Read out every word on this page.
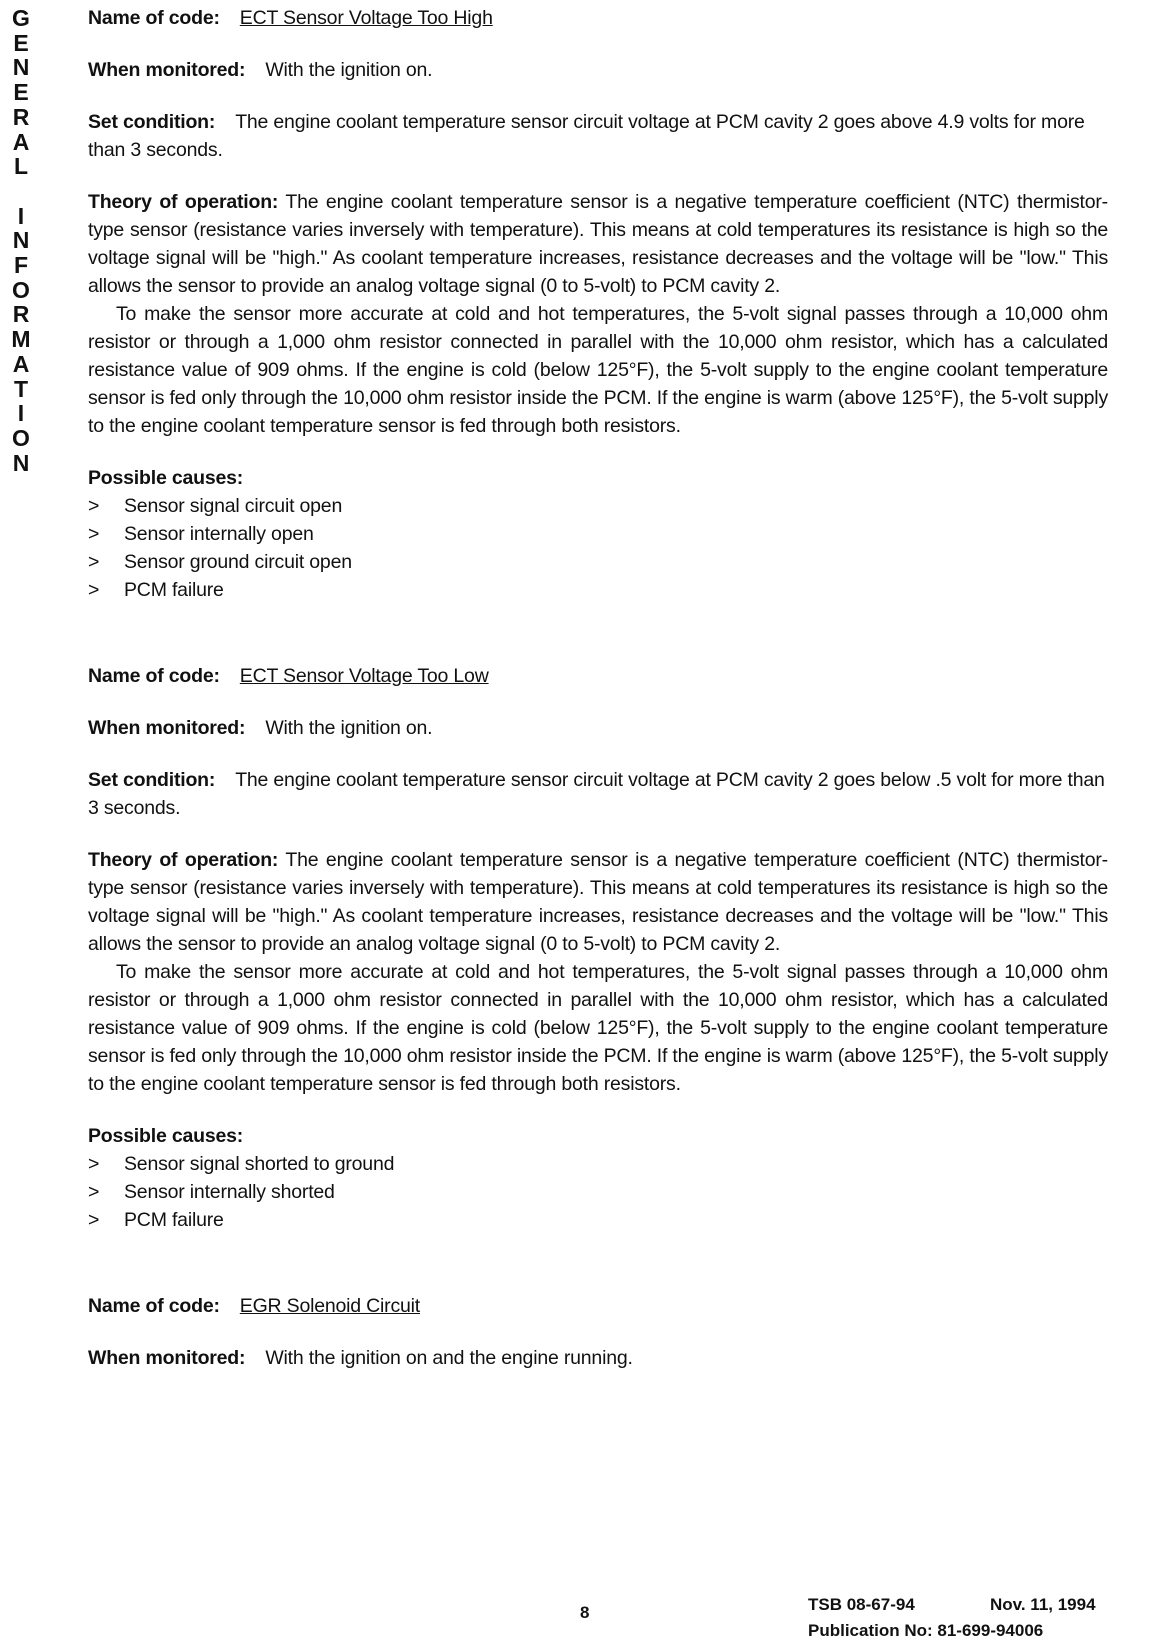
G
E
N
E
R
A
L
I
N
F
O
R
M
A
T
I
O
N

Name of code: ECT Sensor Voltage Too High

When monitored: With the ignition on.

Set condition: The engine coolant temperature sensor circuit voltage at PCM cavity 2 goes above 4.9 volts for more than 3 seconds.

Theory of operation: The engine coolant temperature sensor is a negative temperature coefficient (NTC) thermistor-type sensor (resistance varies inversely with temperature). This means at cold temperatures its resistance is high so the voltage signal will be "high." As coolant temperature increases, resistance decreases and the voltage will be "low." This allows the sensor to provide an analog voltage signal (0 to 5-volt) to PCM cavity 2.

To make the sensor more accurate at cold and hot temperatures, the 5-volt signal passes through a 10,000 ohm resistor or through a 1,000 ohm resistor connected in parallel with the 10,000 ohm resistor, which has a calculated resistance value of 909 ohms. If the engine is cold (below 125°F), the 5-volt supply to the engine coolant temperature sensor is fed only through the 10,000 ohm resistor inside the PCM. If the engine is warm (above 125°F), the 5-volt supply to the engine coolant temperature sensor is fed through both resistors.

Possible causes:

>	Sensor signal circuit open
>	Sensor internally open
>	Sensor ground circuit open
>	PCM failure

Name of code: ECT Sensor Voltage Too Low

When monitored: With the ignition on.

Set condition: The engine coolant temperature sensor circuit voltage at PCM cavity 2 goes below .5 volt for more than 3 seconds.

Theory of operation: The engine coolant temperature sensor is a negative temperature coefficient (NTC) thermistor-type sensor (resistance varies inversely with temperature). This means at cold temperatures its resistance is high so the voltage signal will be "high." As coolant temperature increases, resistance decreases and the voltage will be "low." This allows the sensor to provide an analog voltage signal (0 to 5-volt) to PCM cavity 2.

To make the sensor more accurate at cold and hot temperatures, the 5-volt signal passes through a 10,000 ohm resistor or through a 1,000 ohm resistor connected in parallel with the 10,000 ohm resistor, which has a calculated resistance value of 909 ohms. If the engine is cold (below 125°F), the 5-volt supply to the engine coolant temperature sensor is fed only through the 10,000 ohm resistor inside the PCM. If the engine is warm (above 125°F), the 5-volt supply to the engine coolant temperature sensor is fed through both resistors.

Possible causes:

>	Sensor signal shorted to ground
>	Sensor internally shorted
>	PCM failure

Name of code: EGR Solenoid Circuit

When monitored: With the ignition on and the engine running.

8	TSB 08-67-94	Nov. 11, 1994
Publication No: 81-699-94006
